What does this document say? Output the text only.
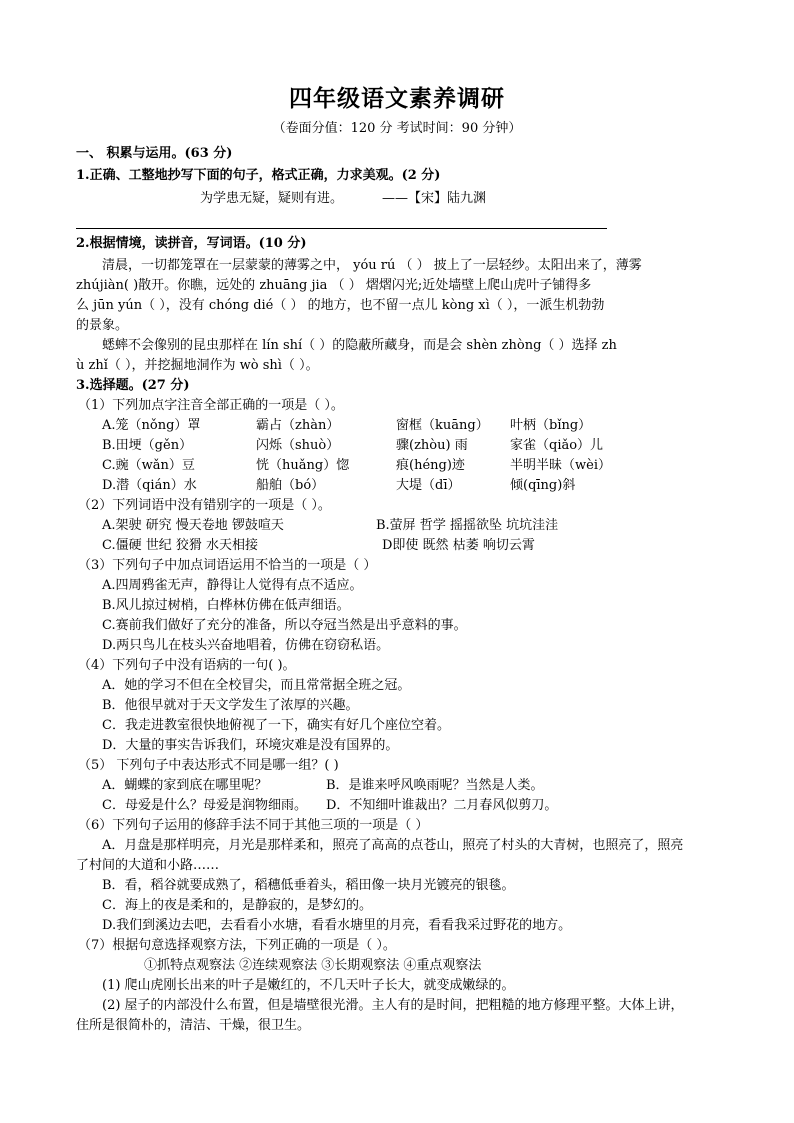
四年级语文素养调研
（卷面分值：120 分 考试时间：90 分钟）
一、 积累与运用。(63 分)
1.正确、工整地抄写下面的句子，格式正确，力求美观。(2 分)
为学患无疑，疑则有进。	——【宋】陆九渊
2.根据情境，读拼音，写词语。(10 分)
清晨，一切都笼罩在一层蒙蒙的薄雾之中， yóu rú （ ） 披上了一层轻纱。太阳出来了，薄雾
zhújiàn( )散开。你瞧，远处的 zhuāng jia （ ） 熠熠闪光;近处墙壁上爬山虎叶子铺得多
么 jūn yún（ ），没有 chóng dié（ ） 的地方，也不留一点儿 kòng xì（ ），一派生机勃勃
的景象。
蟋蟀不会像别的昆虫那样在 lín shí（ ）的隐蔽所藏身，而是会 shèn zhòng（ ）选择 zh
ù zhǐ（ ），并挖掘地洞作为 wò shì（ ）。
3.选择题。(27 分)
（1）下列加点字注音全部正确的一项是（ ）。
A.笼（nǒng）罩	霸占（zhàn）	窗框（kuāng） 叶柄（bǐng）
B.田埂（gěn）	闪烁（shuò）	骤(zhòu) 雨	家雀（qiǎo）儿
C.豌（wǎn）豆	恍（huǎng）惚	痕(héng)迹	半明半昧（wèi）
D.潜（qián）水	船舶（bó）	大堤（dī）	倾(qīng)斜
（2）下列词语中没有错别字的一项是（ ）。
A.架驶 研究 慢天卷地 锣鼓喧天	B.萤屏 哲学 摇摇欲坠 坑坑洼洼
C.僵硬 世纪 狡猾 水天相接	D即使 既然 枯萎 响切云霄
（3）下列句子中加点词语运用不恰当的一项是（ ）
A.四周鸦雀无声，静得让人觉得有点不适应。
B.风儿掠过树梢，白桦林仿佛在低声细语。
C.赛前我们做好了充分的准备，所以夺冠当然是出乎意料的事。
D.两只鸟儿在枝头兴奋地唱着，仿佛在窃窃私语。
（4）下列句子中没有语病的一句( )。
A．她的学习不但在全校冒尖，而且常常据全班之冠。
B．他很早就对于天文学发生了浓厚的兴趣。
C．我走进教室很快地俯视了一下，确实有好几个座位空着。
D．大量的事实告诉我们，环境灾难是没有国界的。
（5） 下列句子中表达形式不同是哪一组？( )
A．蝴蝶的家到底在哪里呢？	B．是谁来呼风唤雨呢？当然是人类。
C．母爱是什么？母爱是润物细雨。 D．不知细叶谁裁出？二月春风似剪刀。
（6）下列句子运用的修辞手法不同于其他三项的一项是（ ）
A．月盘是那样明亮，月光是那样柔和，照亮了高高的点苍山，照亮了村头的大青树，也照亮了，照亮
了村间的大道和小路……
B．看，稻谷就要成熟了，稻穗低垂着头，稻田像一块月光镀亮的银毯。
C．海上的夜是柔和的，是静寂的，是梦幻的。
D.我们到溪边去吧，去看看小水塘，看看水塘里的月亮，看看我采过野花的地方。
（7）根据句意选择观察方法，下列正确的一项是（ ）。
①抓特点观察法 ②连续观察法 ③长期观察法 ④重点观察法
(1) 爬山虎刚长出来的叶子是嫩红的，不几天叶子长大，就变成嫩绿的。
(2) 屋子的内部没什么布置，但是墙壁很光滑。主人有的是时间，把粗糙的地方修理平整。大体上讲，
住所是很简朴的，清洁、干燥，很卫生。
